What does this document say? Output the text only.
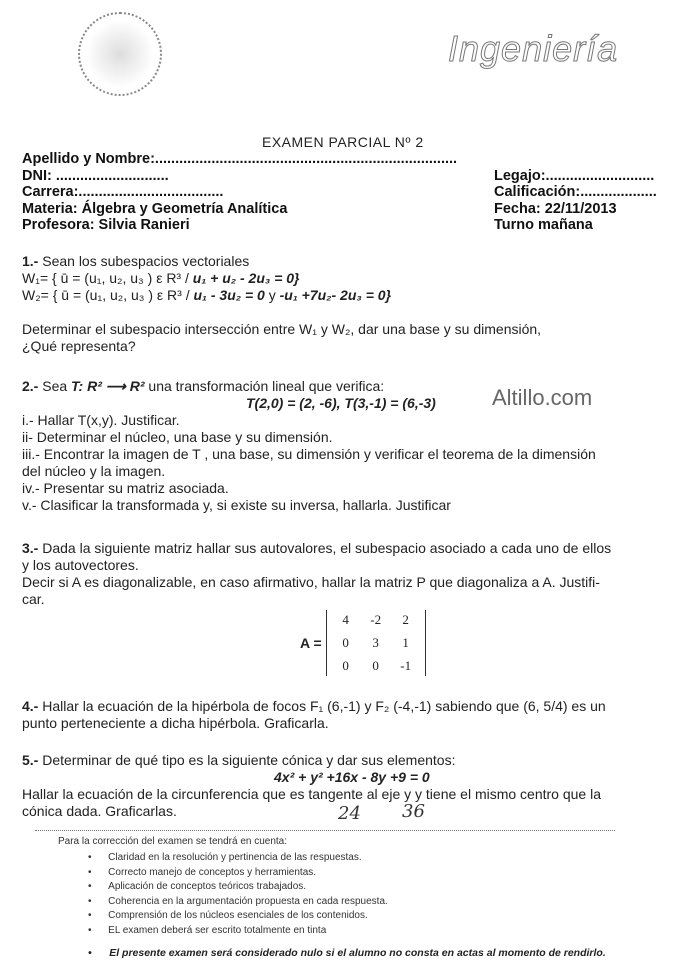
Ingeniería
Altillo.com
EXAMEN PARCIAL Nº 2
Apellido y Nombre:...........................................................................
DNI: ............................
Carrera:....................................
Materia: Álgebra y Geometría Analítica
Profesora: Silvia Ranieri
Legajo:...........................
Calificación:...................
Fecha: 22/11/2013
Turno mañana
1.- Sean los subespacios vectoriales
W₁= { ū = (u₁, u₂, u₃ ) ε R³ / u₁ + u₂ - 2u₃ = 0}
W₂= { ū = (u₁, u₂, u₃ ) ε R³ / u₁ - 3u₂ = 0 y -u₁ +7u₂- 2u₃ = 0}
Determinar el subespacio intersección entre W₁ y W₂, dar una base y su dimensión,
¿Qué representa?
2.- Sea T: R² ⟶ R² una transformación lineal que verifica:
T(2,0) = (2, -6), T(3,-1) = (6,-3)
i.- Hallar T(x,y). Justificar.
ii- Determinar el núcleo, una base y su dimensión.
iii.- Encontrar la imagen de T , una base, su dimensión y verificar el teorema de la dimensión
del núcleo y la imagen.
iv.- Presentar su matriz asociada.
v.- Clasificar la transformada y, si existe su inversa, hallarla. Justificar
3.- Dada la siguiente matriz hallar sus autovalores, el subespacio asociado a cada uno de ellos
y los autovectores.
Decir si A es diagonalizable, en caso afirmativo, hallar la matriz P que diagonaliza a A. Justifi-
car.
A =
4	-2	2
0	3	1
0	0	-1
4.- Hallar la ecuación de la hipérbola de focos F₁ (6,-1) y F₂ (-4,-1) sabiendo que (6, 5/4) es un
punto perteneciente a dicha hipérbola. Graficarla.
5.- Determinar de qué tipo es la siguiente cónica y dar sus elementos:
4x² + y² +16x - 8y +9 = 0
Hallar la ecuación de la circunferencia que es tangente al eje y y tiene el mismo centro que la
cónica dada. Graficarlas.	24 36
Para la corrección del examen se tendrá en cuenta:
•      Claridad en la resolución y pertinencia de las respuestas.
•      Correcto manejo de conceptos y herramientas.
•      Aplicación de conceptos teóricos trabajados.
•      Coherencia en la argumentación propuesta en cada respuesta.
•      Comprensión de los núcleos esenciales de los contenidos.
•      EL examen deberá ser escrito totalmente en tinta
•      El presente examen será considerado nulo si el alumno no consta en actas al momento de rendirlo.
